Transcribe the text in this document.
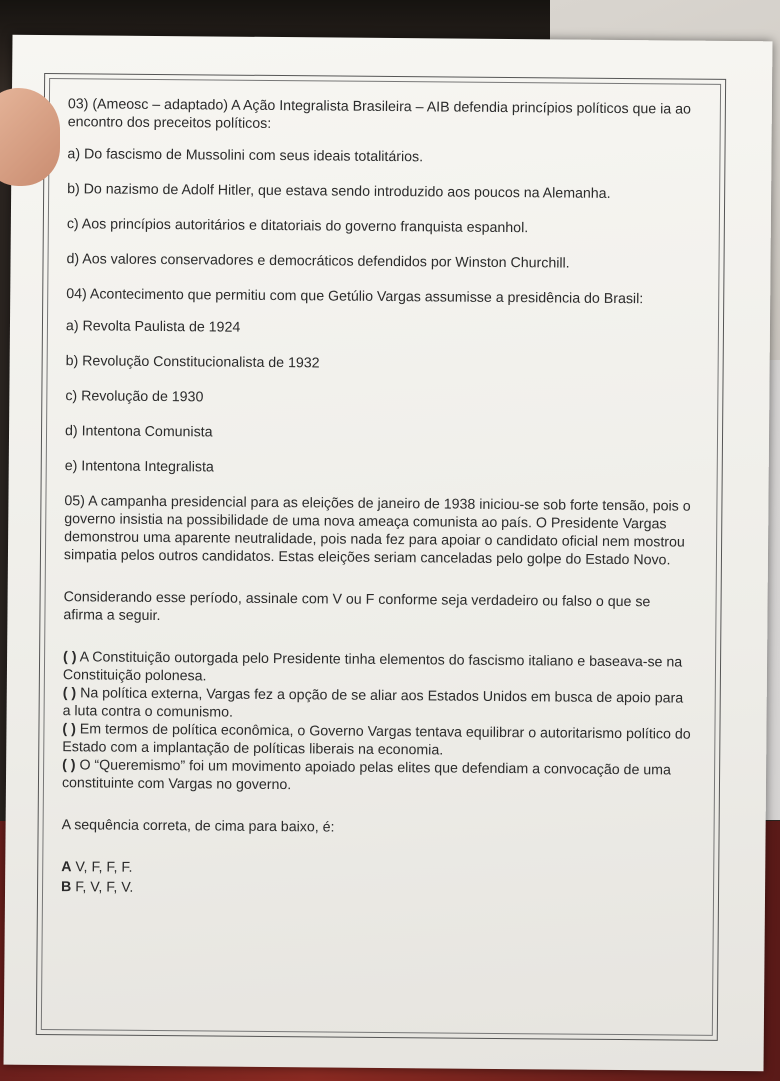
03) (Ameosc – adaptado) A Ação Integralista Brasileira – AIB defendia princípios políticos que ia ao encontro dos preceitos políticos:

a) Do fascismo de Mussolini com seus ideais totalitários.

b) Do nazismo de Adolf Hitler, que estava sendo introduzido aos poucos na Alemanha.

c) Aos princípios autoritários e ditatoriais do governo franquista espanhol.

d) Aos valores conservadores e democráticos defendidos por Winston Churchill.

04) Acontecimento que permitiu com que Getúlio Vargas assumisse a presidência do Brasil:

a) Revolta Paulista de 1924

b) Revolução Constitucionalista de 1932

c) Revolução de 1930

d) Intentona Comunista

e) Intentona Integralista

05) A campanha presidencial para as eleições de janeiro de 1938 iniciou-se sob forte tensão, pois o governo insistia na possibilidade de uma nova ameaça comunista ao país. O Presidente Vargas demonstrou uma aparente neutralidade, pois nada fez para apoiar o candidato oficial nem mostrou simpatia pelos outros candidatos. Estas eleições seriam canceladas pelo golpe do Estado Novo.

Considerando esse período, assinale com V ou F conforme seja verdadeiro ou falso o que se afirma a seguir.

( ) A Constituição outorgada pelo Presidente tinha elementos do fascismo italiano e baseava-se na Constituição polonesa.

( ) Na política externa, Vargas fez a opção de se aliar aos Estados Unidos em busca de apoio para a luta contra o comunismo.

( ) Em termos de política econômica, o Governo Vargas tentava equilibrar o autoritarismo político do Estado com a implantação de políticas liberais na economia.

( ) O “Queremismo” foi um movimento apoiado pelas elites que defendiam a convocação de uma constituinte com Vargas no governo.

A sequência correta, de cima para baixo, é:

A V, F, F, F.

B F, V, F, V.
